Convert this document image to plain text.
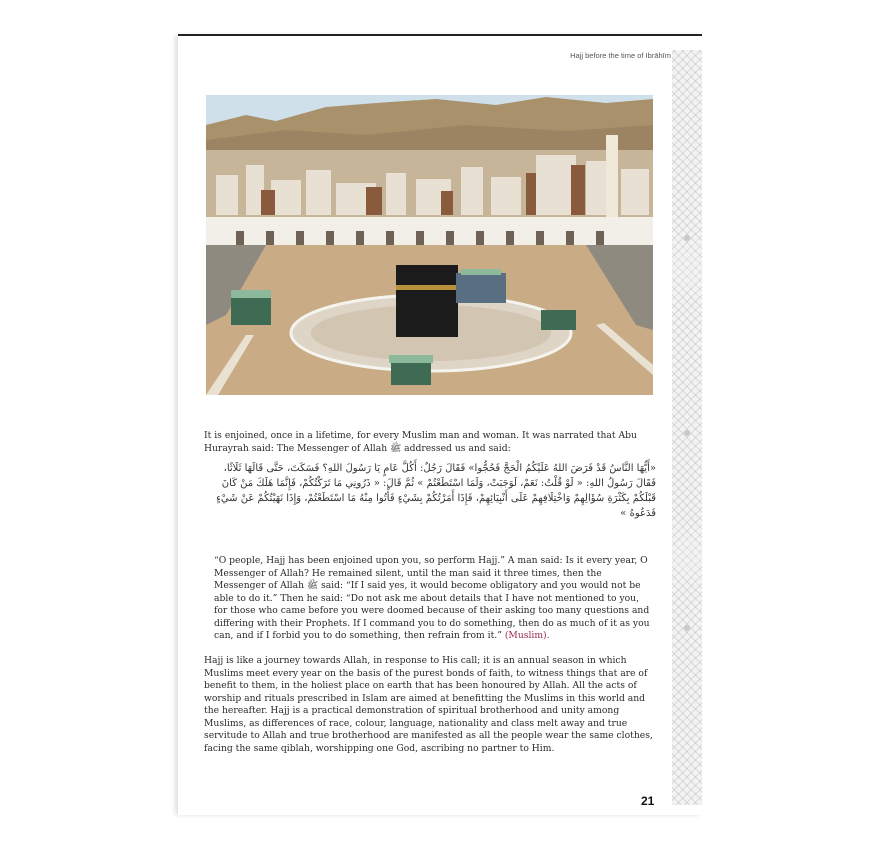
Hajj before the time of Ibrāhīm
It is enjoined, once in a lifetime, for every Muslim man and woman. It was narrated that Abu Hurayrah said: The Messenger of Allah ﷺ addressed us and said:
«أَيُّهَا النَّاسُ قَدْ فَرَضَ اللهُ عَلَيْكُمُ الْحَجَّ فَحُجُّوا» فَقَالَ رَجُلٌ: أَكُلَّ عَامٍ يَا رَسُولَ اللهِ؟ فَسَكَتَ، حَتَّى قَالَهَا ثَلَاثًا، فَقَالَ رَسُولُ اللهِ: « لَوْ قُلْتُ: نَعَمْ، لَوَجَبَتْ، وَلَمَا اسْتَطَعْتُمْ » ثُمَّ قَالَ: « ذَرُونِي مَا تَرَكْتُكُمْ، فَإِنَّمَا هَلَكَ مَنْ كَانَ قَبْلَكُمْ بِكَثْرَةِ سُؤَالِهِمْ وَاخْتِلَافِهِمْ عَلَى أَنْبِيَائِهِمْ، فَإِذَا أَمَرْتُكُمْ بِشَيْءٍ فَأْتُوا مِنْهُ مَا اسْتَطَعْتُمْ، وَإِذَا نَهَيْتُكُمْ عَنْ شَيْءٍ فَدَعُوهُ »
“O people, Hajj has been enjoined upon you, so perform Hajj.” A man said: Is it every year, O Messenger of Allah? He remained silent, until the man said it three times, then the Messenger of Allah ﷺ said: “If I said yes, it would become obligatory and you would not be able to do it.” Then he said: “Do not ask me about details that I have not mentioned to you, for those who came before you were doomed because of their asking too many questions and differing with their Prophets. If I command you to do something, then do as much of it as you can, and if I forbid you to do something, then refrain from it.” (Muslim).
Hajj is like a journey towards Allah, in response to His call; it is an annual season in which Muslims meet every year on the basis of the purest bonds of faith, to witness things that are of benefit to them, in the holiest place on earth that has been honoured by Allah. All the acts of worship and rituals prescribed in Islam are aimed at benefitting the Muslims in this world and the hereafter. Hajj is a practical demonstration of spiritual brotherhood and unity among Muslims, as differences of race, colour, language, nationality and class melt away and true servitude to Allah and true brotherhood are manifested as all the people wear the same clothes, facing the same qiblah, worshipping one God, ascribing no partner to Him.
21
